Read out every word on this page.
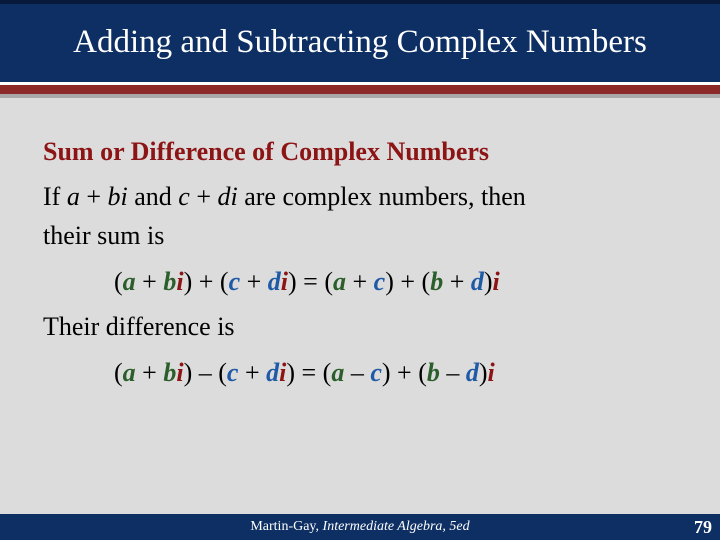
Adding and Subtracting Complex Numbers
Sum or Difference of Complex Numbers
If a + bi and c + di are complex numbers, then
their sum is
(a + bi) + (c + di) = (a + c) + (b + d)i
Their difference is
(a + bi) – (c + di) = (a – c) + (b – d)i
Martin-Gay, Intermediate Algebra, 5ed	79
